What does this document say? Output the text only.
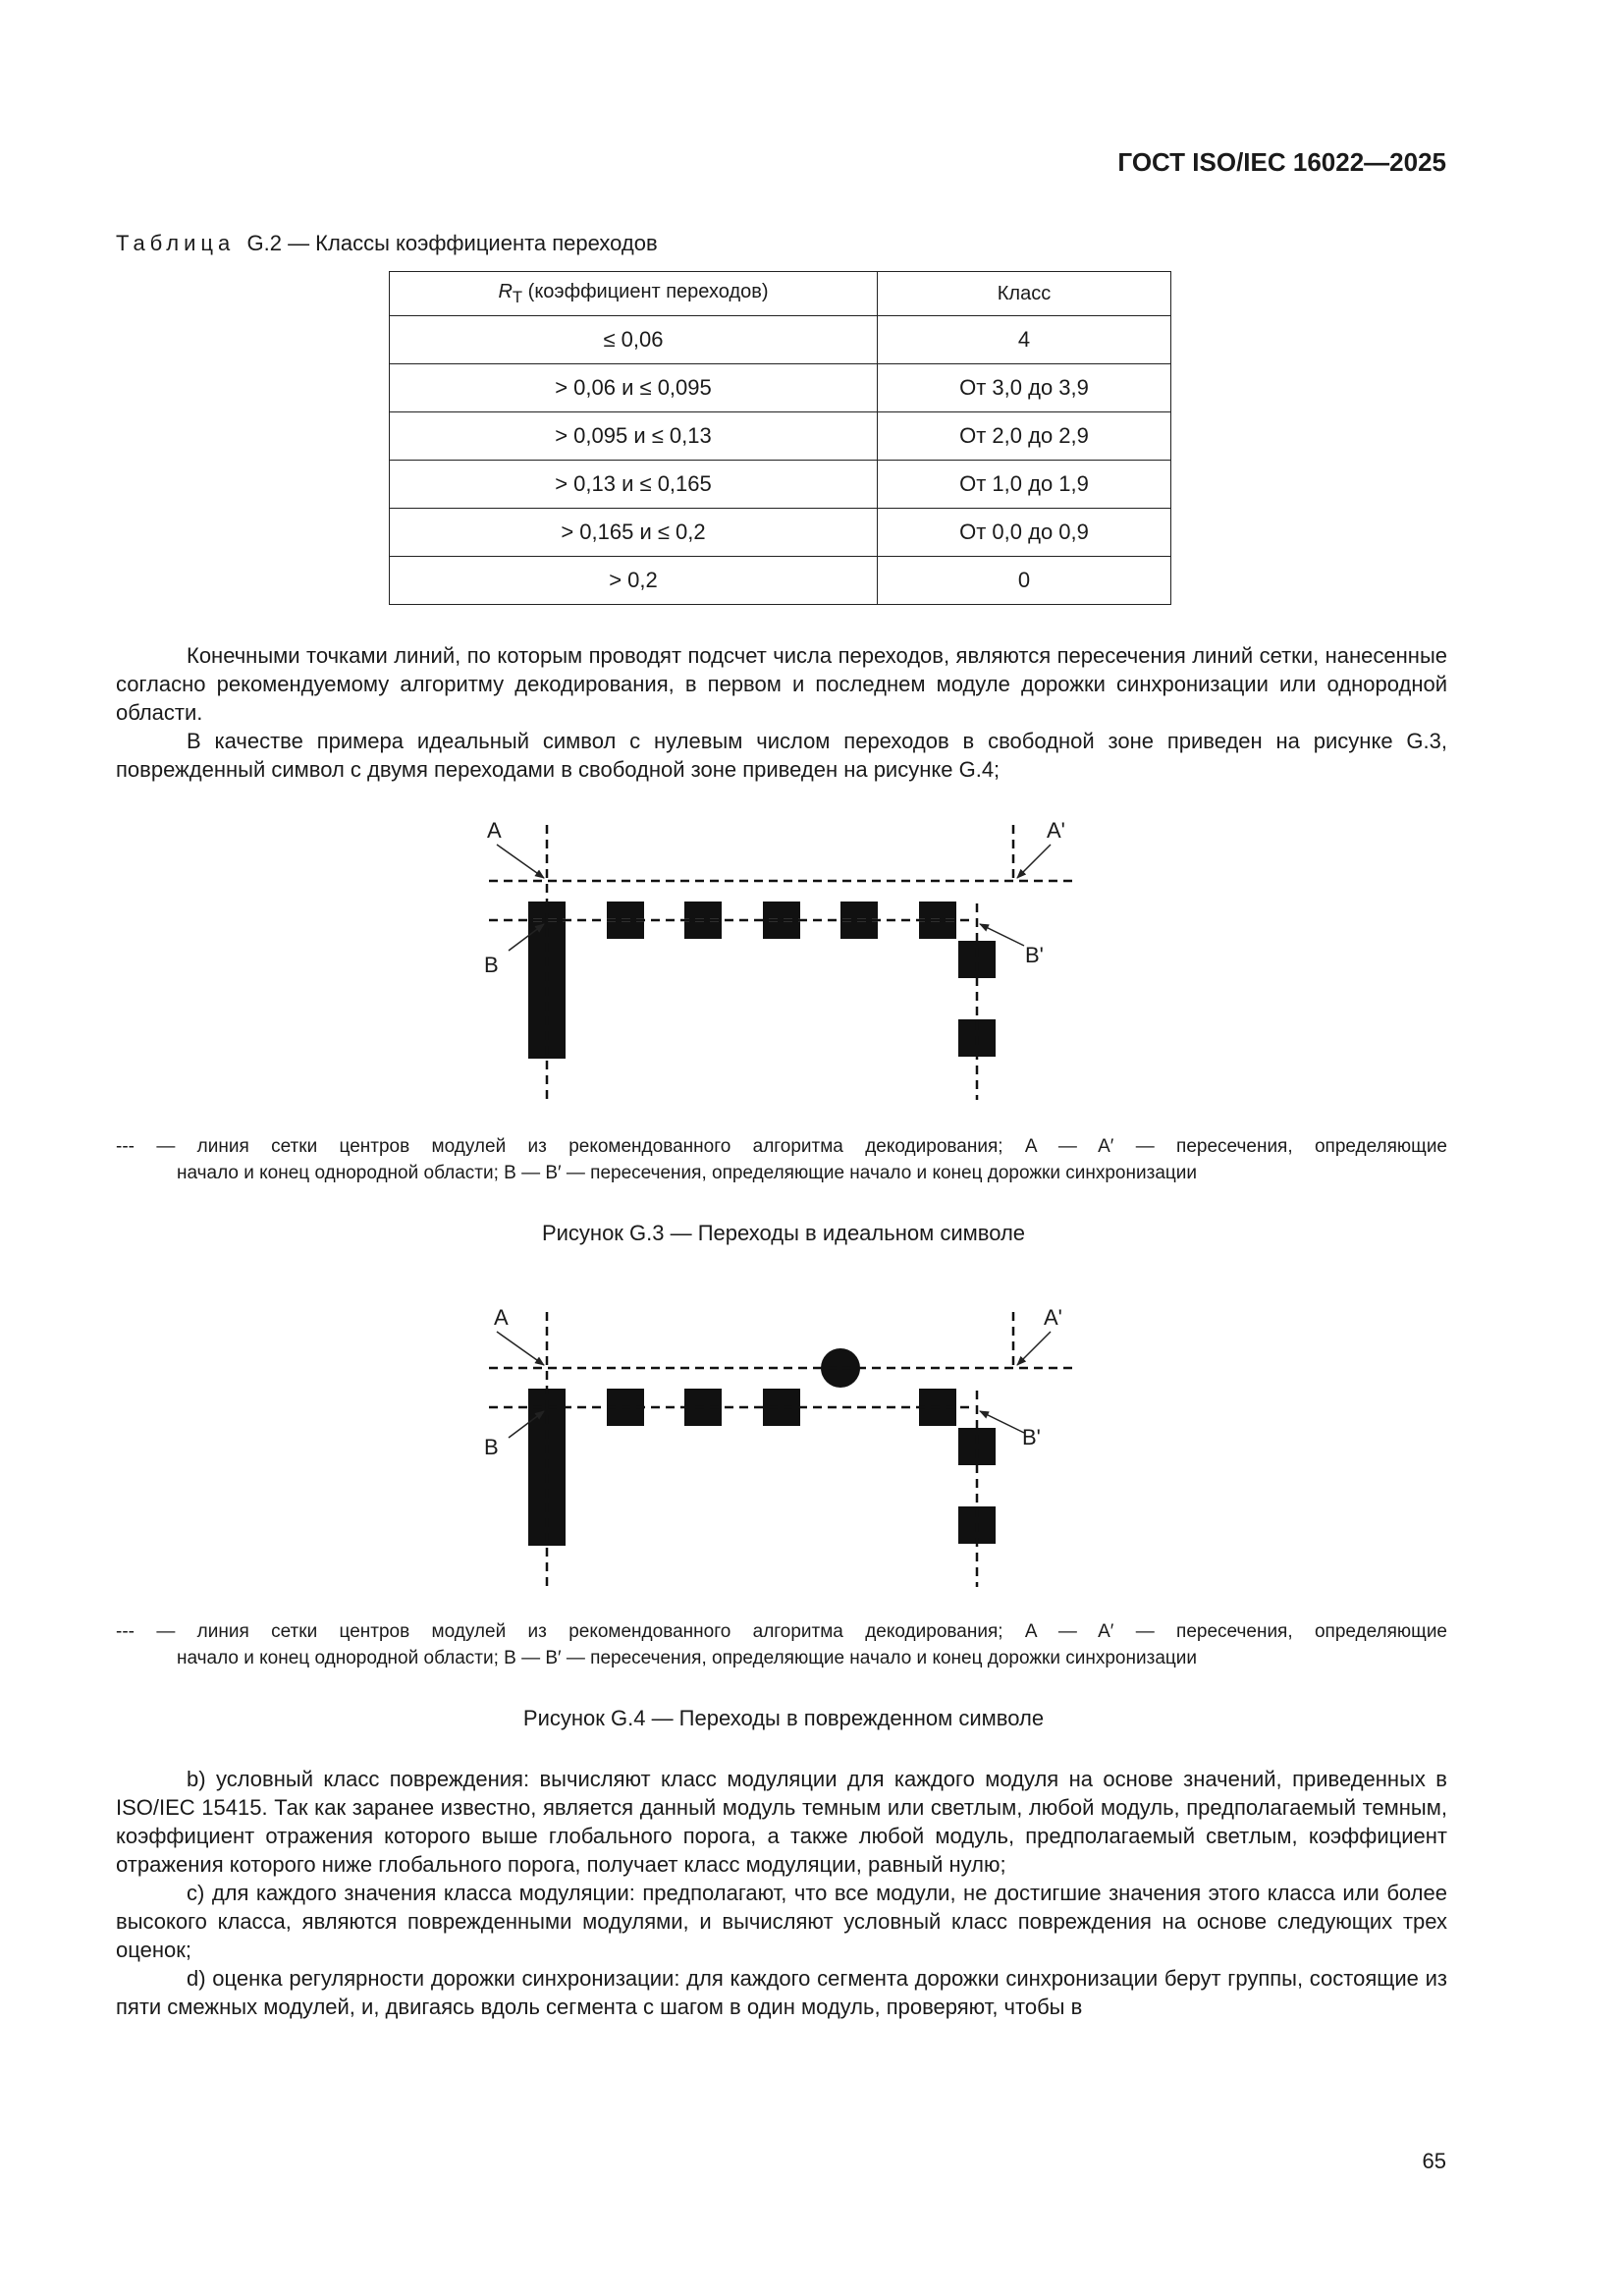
ГОСТ ISO/IEC 16022—2025
Таблица G.2 — Классы коэффициента переходов
$R_T$ (коэффициент переходов)	Класс
≤ 0,06	4
> 0,06 и ≤ 0,095	От 3,0 до 3,9
> 0,095 и ≤ 0,13	От 2,0 до 2,9
> 0,13 и ≤ 0,165	От 1,0 до 1,9
> 0,165 и ≤ 0,2	От 0,0 до 0,9
> 0,2	0

Конечными точками линий, по которым проводят подсчет числа переходов, являются пересечения линий сетки, нанесенные согласно рекомендуемому алгоритму декодирования, в первом и последнем модуле дорожки синхронизации или однородной области.

В качестве примера идеальный символ с нулевым числом переходов в свободной зоне приведен на рисунке G.3, поврежденный символ с двумя переходами в свободной зоне приведен на рисунке G.4;

A	A'
B	B'
--- — линия сетки центров модулей из рекомендованного алгоритма декодирования; A — A′ — пересечения, определяющие
начало и конец однородной области; B — B′ — пересечения, определяющие начало и конец дорожки синхронизации
Рисунок G.3 — Переходы в идеальном символе
A	A'
B	B'
--- — линия сетки центров модулей из рекомендованного алгоритма декодирования; A — A′ — пересечения, определяющие
начало и конец однородной области; B — B′ — пересечения, определяющие начало и конец дорожки синхронизации
Рисунок G.4 — Переходы в поврежденном символе

b) условный класс повреждения: вычисляют класс модуляции для каждого модуля на основе значений, приведенных в ISO/IEC 15415. Так как заранее известно, является данный модуль темным или светлым, любой модуль, предполагаемый темным, коэффициент отражения которого выше глобального порога, а также любой модуль, предполагаемый светлым, коэффициент отражения которого ниже глобального порога, получает класс модуляции, равный нулю;

c) для каждого значения класса модуляции: предполагают, что все модули, не достигшие значения этого класса или более высокого класса, являются поврежденными модулями, и вычисляют условный класс повреждения на основе следующих трех оценок;

d) оценка регулярности дорожки синхронизации: для каждого сегмента дорожки синхронизации берут группы, состоящие из пяти смежных модулей, и, двигаясь вдоль сегмента с шагом в один модуль, проверяют, чтобы в

65
